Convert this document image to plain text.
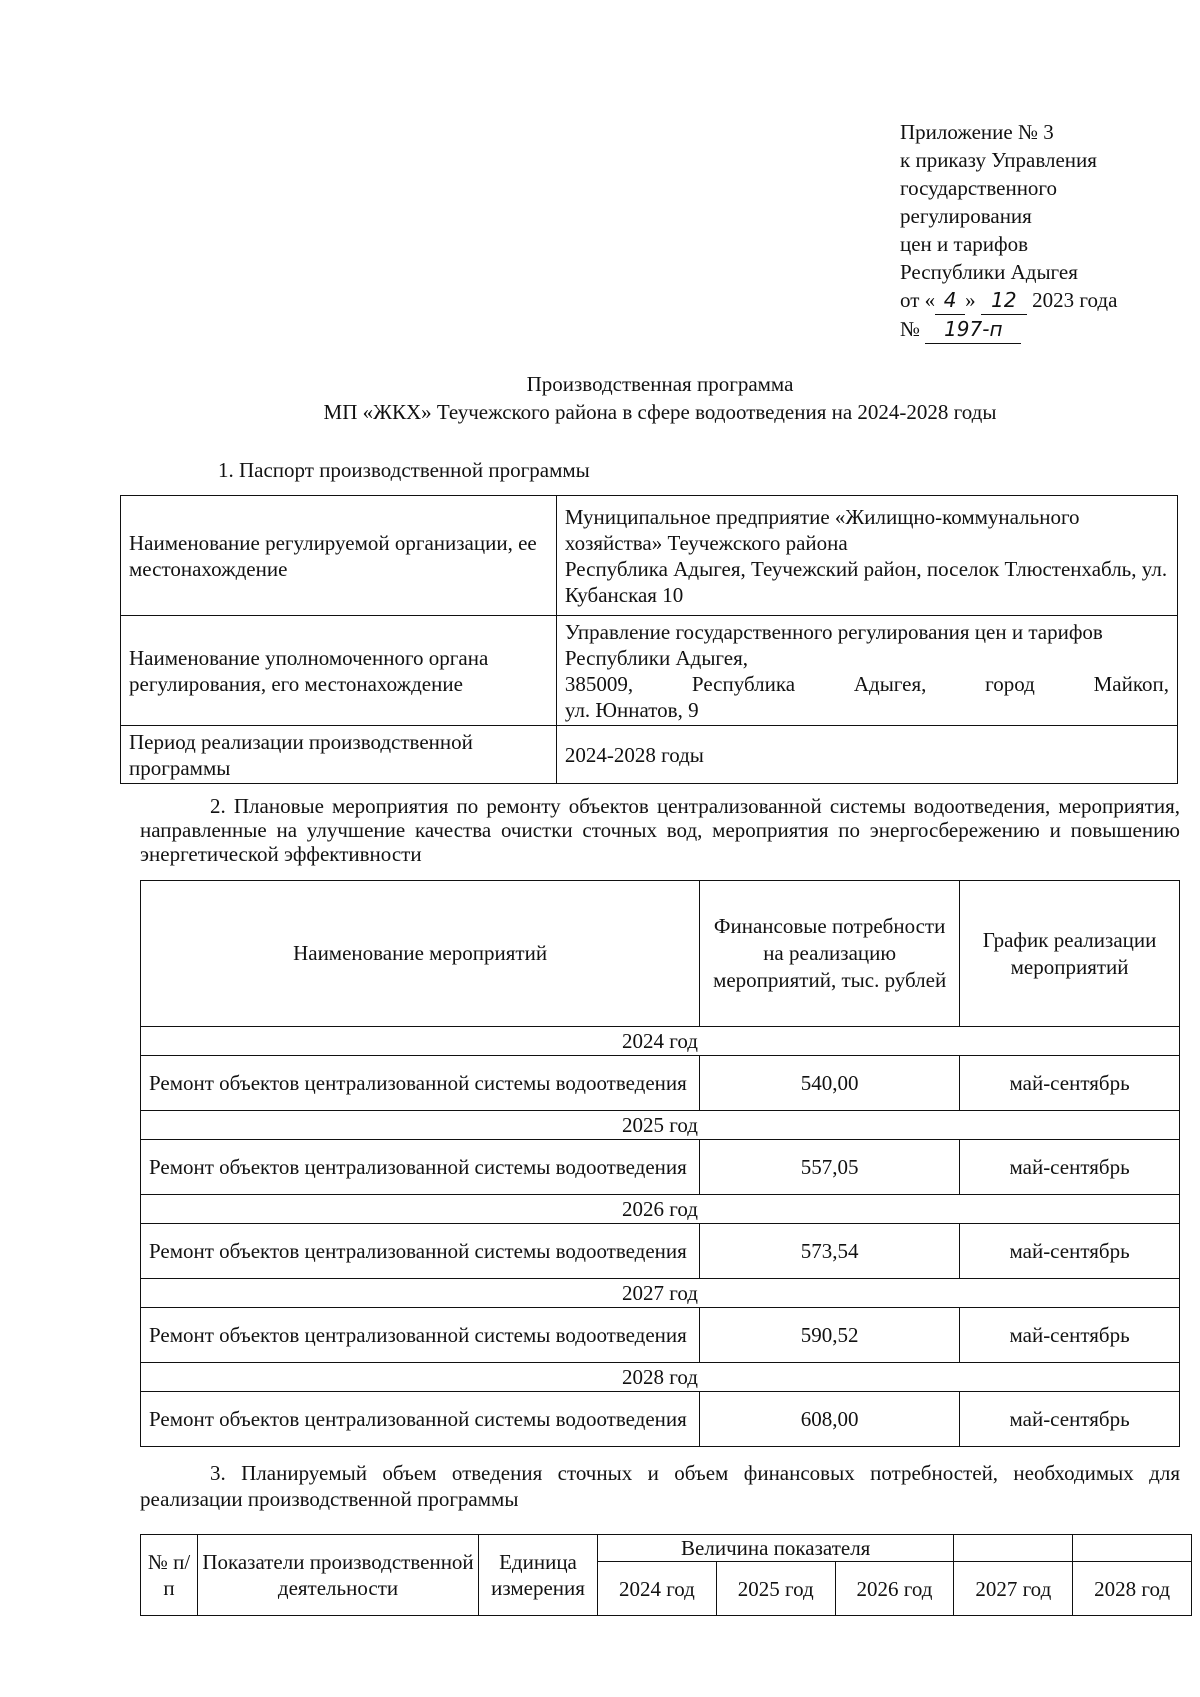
Приложение № 3
к приказу Управления
государственного
регулирования
цен и тарифов
Республики Адыгея
от « 4 » 12 2023 года
№ 197-п
Производственная программа
МП «ЖКХ» Теучежского района в сфере водоотведения на 2024-2028 годы
1. Паспорт производственной программы
Наименование регулируемой организации, ее местонахождение	Муниципальное предприятие «Жилищно-коммунального хозяйства» Теучежского района
Республика Адыгея, Теучежский район, поселок Тлюстенхабль, ул. Кубанская 10

Наименование уполномоченного органа регулирования, его местонахождение	Управление государственного регулирования цен и тарифов Республики Адыгея,
385009, Республика Адыгея, город Майкоп,
ул. Юннатов, 9

Период реализации производственной программы	2024-2028 годы
2. Плановые мероприятия по ремонту объектов централизованной системы водоотведения, мероприятия, направленные на улучшение качества очистки сточных вод, мероприятия по энергосбережению и повышению энергетической эффективности
Наименование мероприятий	Финансовые потребности на реализацию мероприятий, тыс. рублей	График реализации мероприятий
2024 год		
Ремонт объектов централизованной системы водоотведения	540,00	май-сентябрь
2025 год		
Ремонт объектов централизованной системы водоотведения	557,05	май-сентябрь
2026 год		
Ремонт объектов централизованной системы водоотведения	573,54	май-сентябрь
2027 год		
Ремонт объектов централизованной системы водоотведения	590,52	май-сентябрь
2028 год		
Ремонт объектов централизованной системы водоотведения	608,00	май-сентябрь
3. Планируемый объем отведения сточных и объем финансовых потребностей, необходимых для реализации производственной программы
№ п/п	Показатели производственной деятельности	Единица измерения	Величина показателя				
			2024 год	2025 год	2026 год	2027 год	2028 год
